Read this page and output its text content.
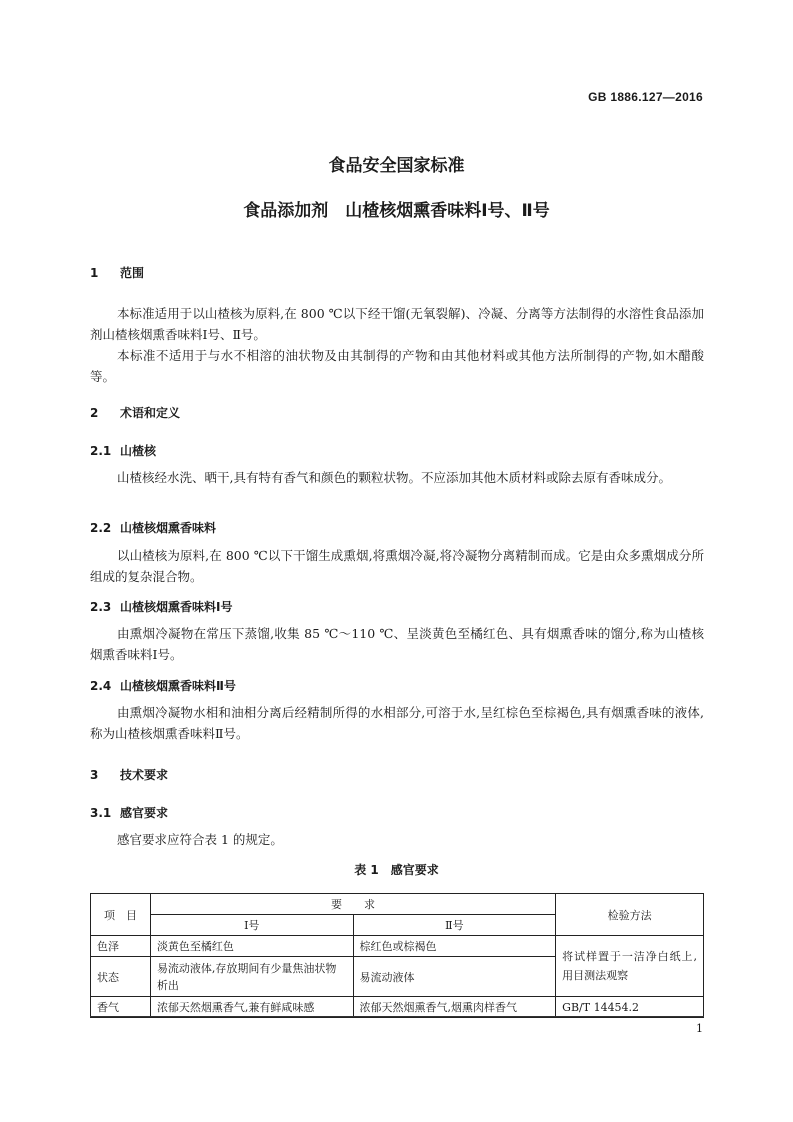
GB 1886.127—2016
食品安全国家标准
食品添加剂　山楂核烟熏香味料Ⅰ号、Ⅱ号
1 范围
本标准适用于以山楂核为原料,在 800 ℃以下经干馏(无氧裂解)、冷凝、分离等方法制得的水溶性食品添加剂山楂核烟熏香味料Ⅰ号、Ⅱ号。
本标准不适用于与水不相溶的油状物及由其制得的产物和由其他材料或其他方法所制得的产物,如木醋酸等。
2 术语和定义
2.1 山楂核
山楂核经水洗、晒干,具有特有香气和颜色的颗粒状物。不应添加其他木质材料或除去原有香味成分。
2.2 山楂核烟熏香味料
以山楂核为原料,在 800 ℃以下干馏生成熏烟,将熏烟冷凝,将冷凝物分离精制而成。它是由众多熏烟成分所组成的复杂混合物。
2.3 山楂核烟熏香味料Ⅰ号
由熏烟冷凝物在常压下蒸馏,收集 85 ℃～110 ℃、呈淡黄色至橘红色、具有烟熏香味的馏分,称为山楂核烟熏香味料Ⅰ号。
2.4 山楂核烟熏香味料Ⅱ号
由熏烟冷凝物水相和油相分离后经精制所得的水相部分,可溶于水,呈红棕色至棕褐色,具有烟熏香味的液体,称为山楂核烟熏香味料Ⅱ号。
3 技术要求
3.1 感官要求
感官要求应符合表 1 的规定。
表 1　感官要求
项　目	要　　求		检验方法
	Ⅰ号	Ⅱ号	
色泽	淡黄色至橘红色	棕红色或棕褐色	将试样置于一洁净白纸上,用目测法观察
状态	易流动液体,存放期间有少量焦油状物析出	易流动液体	
香气	浓郁天然烟熏香气,兼有鲜咸味感	浓郁天然烟熏香气,烟熏肉样香气	GB/T 14454.2
1
